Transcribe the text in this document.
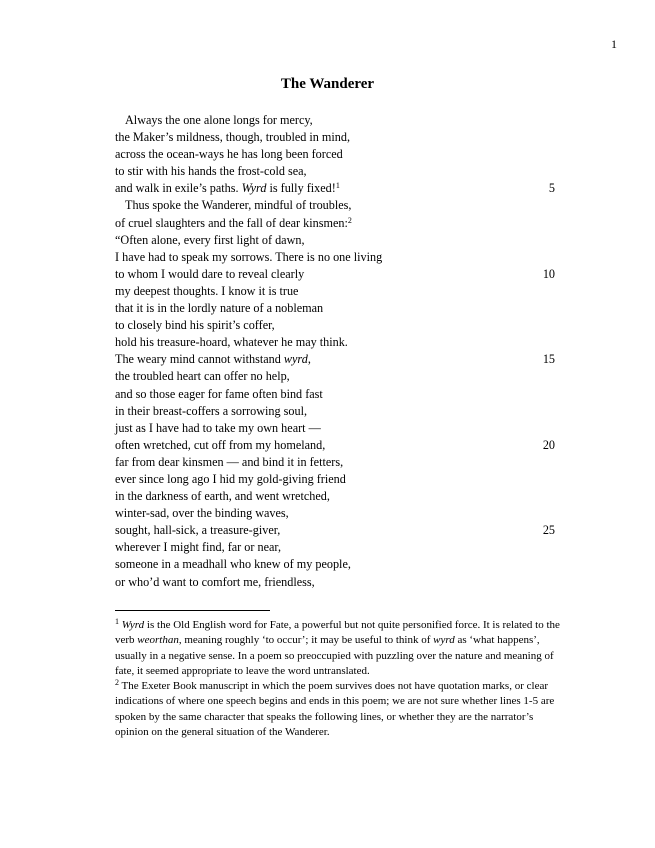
1
The Wanderer
Always the one alone longs for mercy,
the Maker’s mildness, though, troubled in mind,
across the ocean-ways he has long been forced
to stir with his hands the frost-cold sea,
and walk in exile’s paths. Wyrd is fully fixed!$^1$	5
Thus spoke the Wanderer, mindful of troubles,
of cruel slaughters and the fall of dear kinsmen:$^2$
“Often alone, every first light of dawn,
I have had to speak my sorrows. There is no one living
to whom I would dare to reveal clearly	10
my deepest thoughts. I know it is true
that it is in the lordly nature of a nobleman
to closely bind his spirit’s coffer,
hold his treasure-hoard, whatever he may think.
The weary mind cannot withstand wyrd,	15
the troubled heart can offer no help,
and so those eager for fame often bind fast
in their breast-coffers a sorrowing soul,
just as I have had to take my own heart —
often wretched, cut off from my homeland,	20
far from dear kinsmen — and bind it in fetters,
ever since long ago I hid my gold-giving friend
in the darkness of earth, and went wretched,
winter-sad, over the binding waves,
sought, hall-sick, a treasure-giver,	25
wherever I might find, far or near,
someone in a meadhall who knew of my people,
or who’d want to comfort me, friendless,

$^1$ Wyrd is the Old English word for Fate, a powerful but not quite personified force. It is related to the verb weorthan, meaning roughly ‘to occur’; it may be useful to think of wyrd as ‘what happens’, usually in a negative sense. In a poem so preoccupied with puzzling over the nature and meaning of fate, it seemed appropriate to leave the word untranslated.

$^2$ The Exeter Book manuscript in which the poem survives does not have quotation marks, or clear indications of where one speech begins and ends in this poem; we are not sure whether lines 1-5 are spoken by the same character that speaks the following lines, or whether they are the narrator’s opinion on the general situation of the Wanderer.
